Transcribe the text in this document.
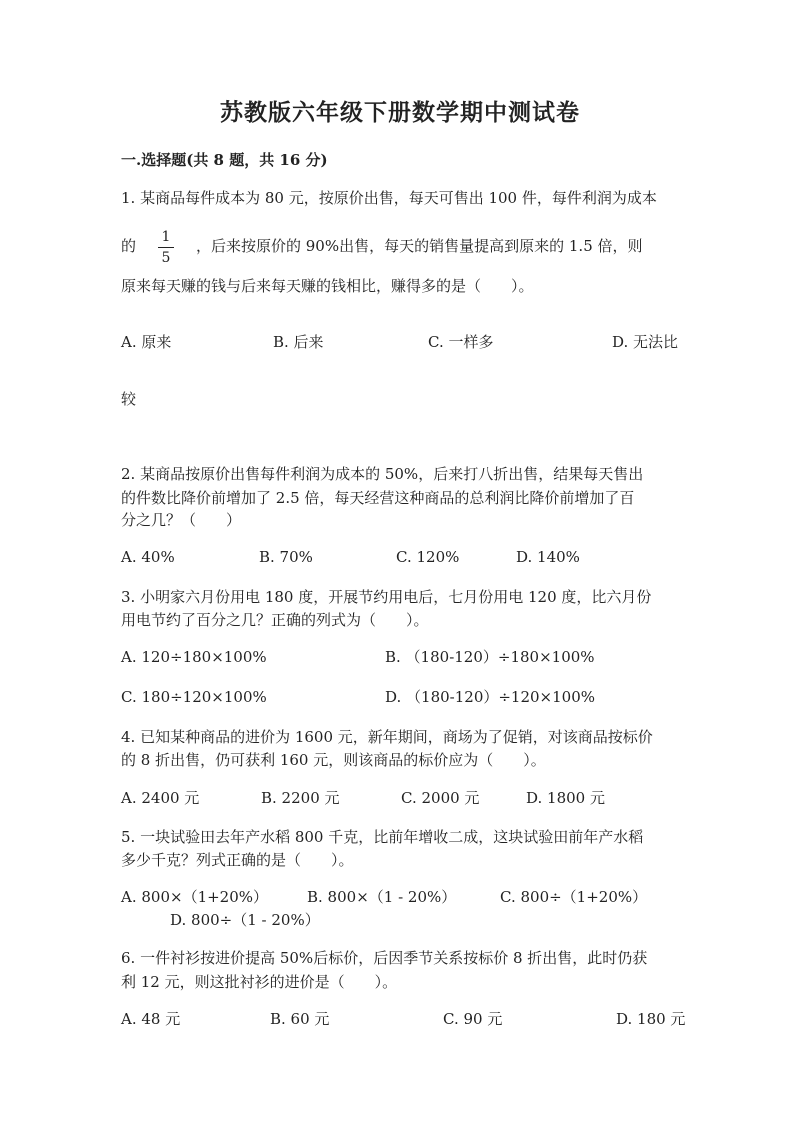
苏教版六年级下册数学期中测试卷
一.选择题(共 8 题，共 16 分)
1. 某商品每件成本为 80 元，按原价出售，每天可售出 100 件，每件利润为成本
的 1
5
，后来按原价的 90%出售，每天的销售量提高到原来的 1.5 倍，则
原来每天赚的钱与后来每天赚的钱相比，赚得多的是（　　）。
A. 原来	B. 后来	C. 一样多	D. 无法比
较
2. 某商品按原价出售每件利润为成本的 50%，后来打八折出售，结果每天售出
的件数比降价前增加了 2.5 倍，每天经营这种商品的总利润比降价前增加了百
分之几？（　　）
A. 40%	B. 70%	C. 120%	D. 140%
3. 小明家六月份用电 180 度，开展节约用电后，七月份用电 120 度，比六月份
用电节约了百分之几？正确的列式为（　　）。
A. 120÷180×100%	B. （180-120）÷180×100%
C. 180÷120×100%	D. （180-120）÷120×100%
4. 已知某种商品的进价为 1600 元，新年期间，商场为了促销，对该商品按标价
的 8 折出售，仍可获利 160 元，则该商品的标价应为（　　）。
A. 2400 元	B. 2200 元	C. 2000 元	D. 1800 元
5. 一块试验田去年产水稻 800 千克，比前年增收二成，这块试验田前年产水稻
多少千克？列式正确的是（　　）。
A. 800×（1+20%）	B. 800×（1 - 20%）	C. 800÷（1+20%）
D. 800÷（1 - 20%）
6. 一件衬衫按进价提高 50%后标价，后因季节关系按标价 8 折出售，此时仍获
利 12 元，则这批衬衫的进价是（　　）。
A. 48 元	B. 60 元	C. 90 元	D. 180 元
